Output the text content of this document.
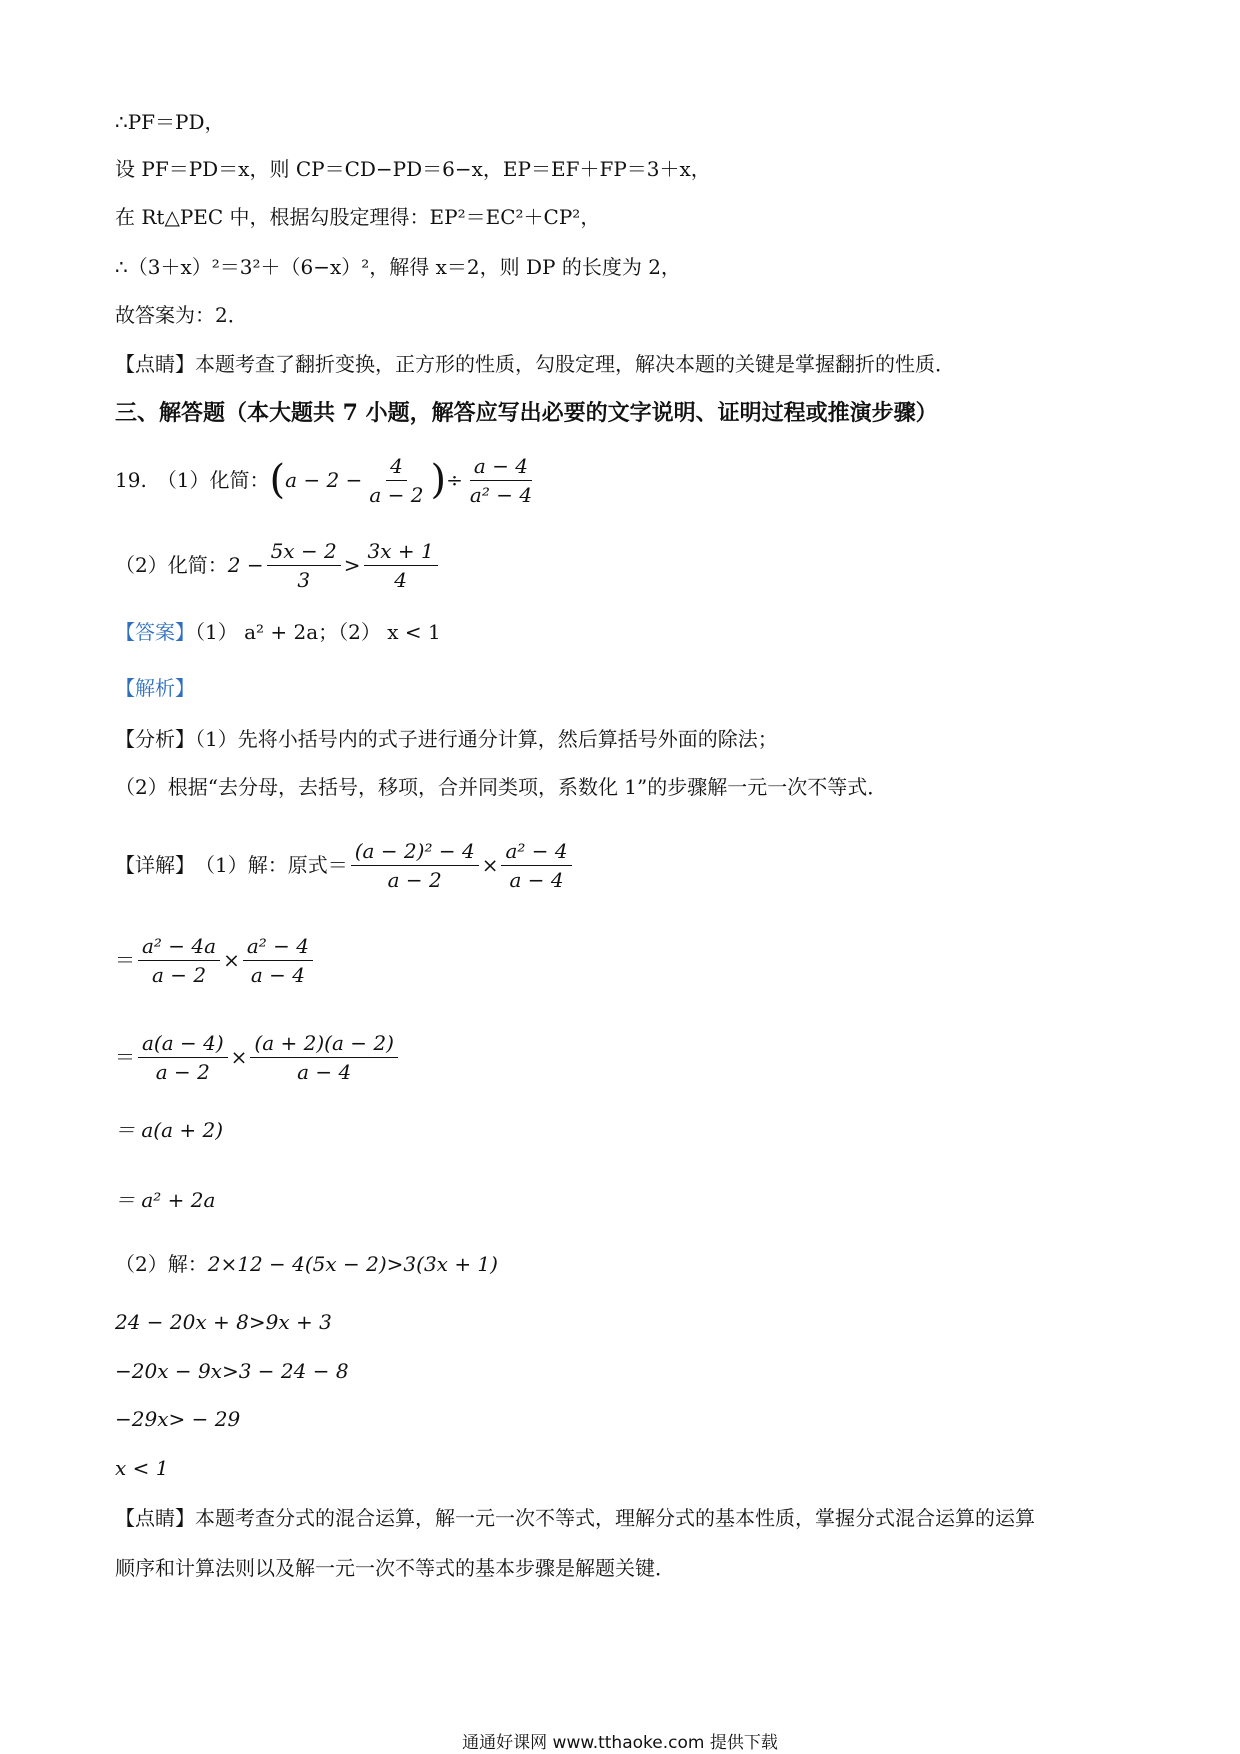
∴PF＝PD，
设 PF＝PD＝x，则 CP＝CD−PD＝6−x，EP＝EF＋FP＝3＋x，
在 Rt△PEC 中，根据勾股定理得：EP²＝EC²＋CP²，
∴（3＋x）²＝3²＋（6−x）²，解得 x＝2，则 DP 的长度为 2，
故答案为：2．
【点睛】本题考查了翻折变换，正方形的性质，勾股定理，解决本题的关键是掌握翻折的性质．
三、解答题（本大题共 7 小题，解答应写出必要的文字说明、证明过程或推演步骤）
19. （1）化简： ( $a - 2 - \frac{4}{a - 2}$ ) ÷ $\frac{a - 4}{\text{a² − 4}}$
（2）化简： $2 - \frac{5x - 2}{3} > \frac{3x + 1}{4}$
【答案】（1） a² + 2a；（2） x < 1
【解析】
【分析】（1）先将小括号内的式子进行通分计算，然后算括号外面的除法；
（2）根据“去分母，去括号，移项，合并同类项，系数化 1”的步骤解一元一次不等式．
【详解】 （1）解：原式＝ $\frac{\text{(a − 2)² − 4}}{a - 2} \times \frac{\text{a² − 4}}{a - 4}$
＝ $\frac{\text{a² − 4a}}{a - 2} \times \frac{\text{a² − 4}}{a - 4}$
＝ $\frac{a(a - 4)}{a - 2} \times \frac{(a + 2)(a - 2)}{a - 4}$
＝ a(a + 2)
＝ a² + 2a
（2）解：2×12 − 4(5x − 2)>3(3x + 1)
24 − 20x + 8>9x + 3
−20x − 9x>3 − 24 − 8
−29x> − 29
x < 1
【点睛】本题考查分式的混合运算，解一元一次不等式，理解分式的基本性质，掌握分式混合运算的运算
顺序和计算法则以及解一元一次不等式的基本步骤是解题关键．
通通好课网 www.tthaoke.com 提供下载
